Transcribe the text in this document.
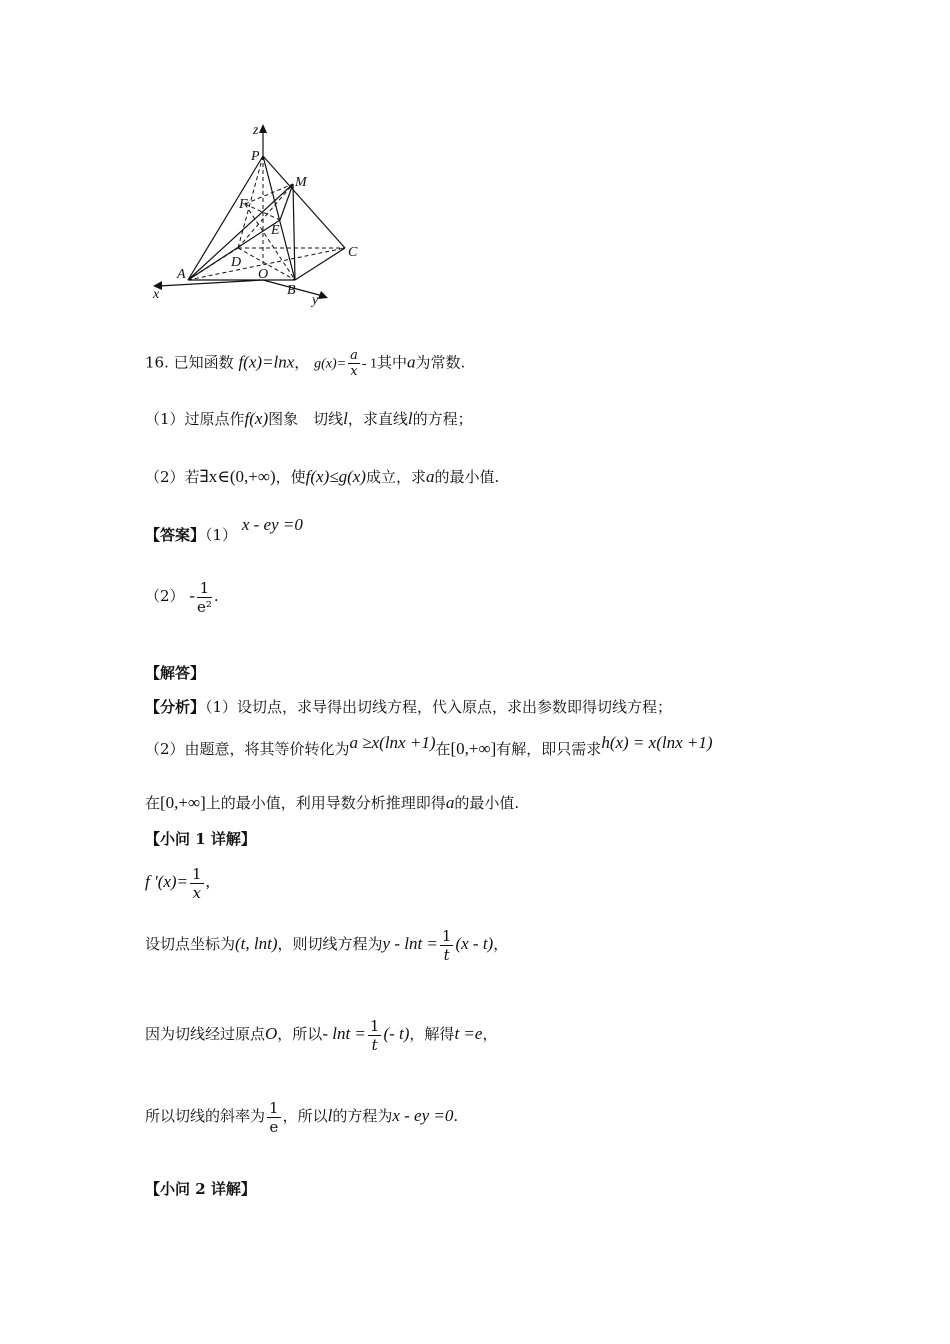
z
P
M
F
E
D
A	O
B
C
x	y
16. 已知函数 f(x)=lnx， $g(x)= \frac{a}{x} - 1$其中a为常数.
（1）过原点作f(x)图象　切线l，求直线l的方程；
（2）若∃x∈(0,+∞)，使f(x)≤g(x)成立，求a的最小值.
【答案】（1） x - ey =0
$(2) - \frac{1}{\text{e²}}$ .
【解答】
【分析】（1）设切点，求导得出切线方程，代入原点，求出参数即得切线方程；
（2）由题意，将其等价转化为a ≥x(lnx +1)在[0,+∞]有解，即只需求h(x) = x(lnx +1)
在[0,+∞]上的最小值，利用导数分析推理即得a的最小值.
【小问 1 详解】
f $'(x)= \frac{1}{x}$ ,
设切点坐标为(t, lnt)，则切线方程为$y - \ln t = \frac{1}{t} (x - t)$，
因为切线经过原点O，所以- $\ln t = \frac{1}{t}$ (- t)，解得t =e，
所以切线的斜率为 $\frac{1}{e}$ ，所以l的方程为x - ey =0.
【小问 2 详解】
